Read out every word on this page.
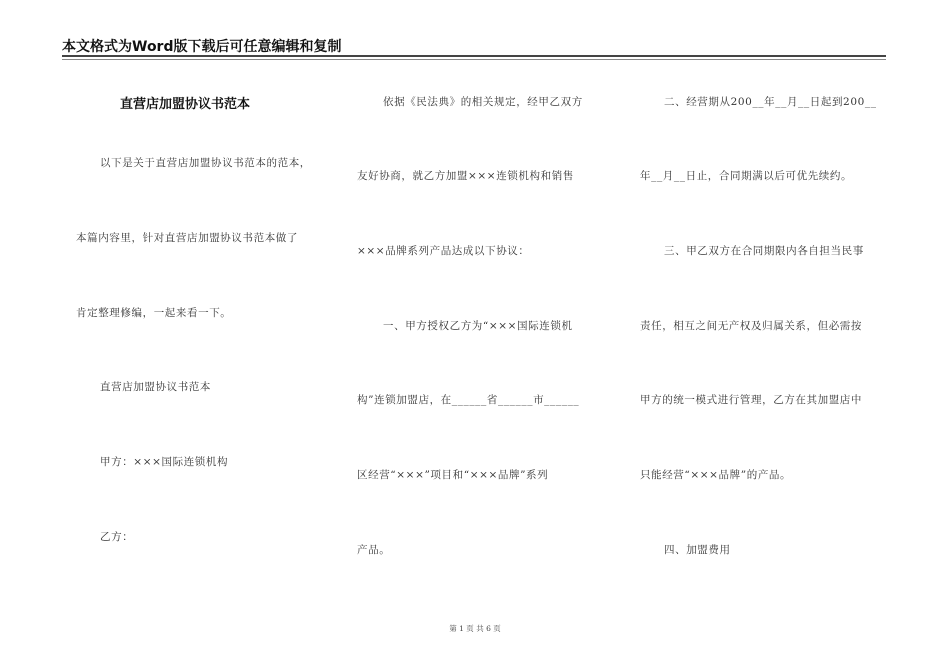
本文格式为Word版下载后可任意编辑和复制
直营店加盟协议书范本
以下是关于直营店加盟协议书范本的范本，
本篇内容里，针对直营店加盟协议书范本做了
肯定整理修编，一起来看一下。
直营店加盟协议书范本
甲方：×××国际连锁机构
乙方：
依据《民法典》的相关规定，经甲乙双方
友好协商，就乙方加盟×××连锁机构和销售
×××品牌系列产品达成以下协议：
一、甲方授权乙方为“×××国际连锁机
构”连锁加盟店，在______省______市______
区经营“×××”项目和“×××品牌”系列
产品。
二、经营期从200__年__月__日起到200__
年__月__日止，合同期满以后可优先续约。
三、甲乙双方在合同期限内各自担当民事
责任，相互之间无产权及归属关系，但必需按
甲方的统一模式进行管理，乙方在其加盟店中
只能经营“×××品牌”的产品。
四、加盟费用
第 1 页 共 6 页
